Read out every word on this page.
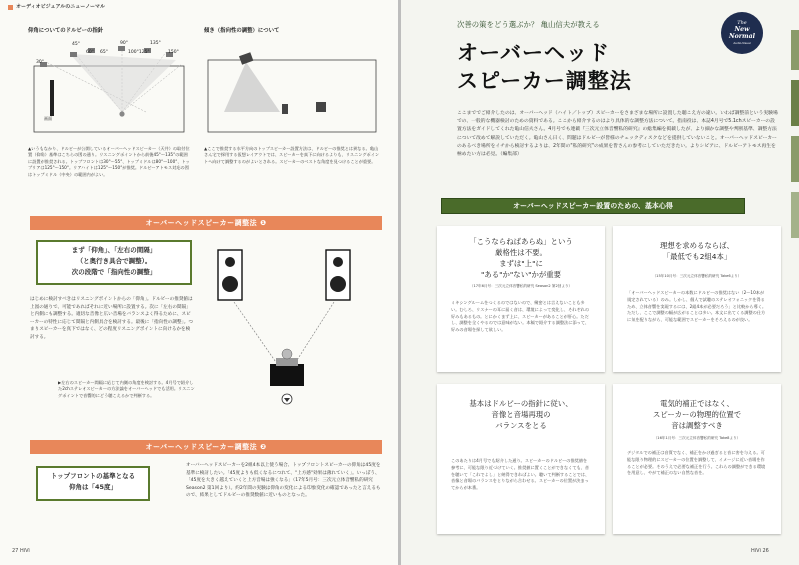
オーディオビジュアルのニューノーマル
仰角についてのドルビーの指針
45°
60° 65°
90°
100°125°
135°
150°
30°
画面
傾き（指向性の調整）について
▲いうもなかり、ドルビーが公開しているオーバーヘッドスピーカー（天井）の取付位置（仰角）基準はこちらの図の通り。リスニングポイントから前後45°〜135°の範囲に設置が推奨される。トップフロントは30°〜55°、トップミドルは80°〜100°、トップリアは125°〜150°。リアハイトは125°〜150°が推奨。ドルビーアトモス対応の図はトップミドル（中央）の範囲内がよい。
▲ここで推奨する水平方向のトップスピーカー設置方法は、ドルビーの推奨とは異なる。亀山さん宅で採用する仮想レイアウトでは、スピーカーを真下に向けるよりも、リスニングポイントへ向けて調整するのがよいとされる。スピーカーのベストな角度を見つけることが重要。
オーバーヘッドスピーカー調整法 ❶
まず「仰角」、「左右の間隔」
（と奥行き具合で調整）。
次の段階で「指向性の調整」
はじめに検討すべきはリスニングポイントからの「仰角」。ドルビーの推奨値は上図の通りで、可能であればそれに近い場所に設置する。次に「左右の間隔」と内側にも調整する。適切な音像と広い音場をバランスよく得るために、スピーカーの特性に応じて間隔と内側具合を検討する。最後に「指向性の調整」。つまりスピーカーを真下ではなく、どの程度リスニングポイントに向けるかを検討する。
▶左右のスピーカー間隔に応じて内側の角度を検討する。4月号で紹介した2chステレオスピーカーの方法論をオーバーヘッドでも活用。リスニングポイントで音響的にどう聴こえるかで判断する。
オーバーヘッドスピーカー調整法 ❷
トップフロントの基準となる
仰角は「45度」
オーバーヘッドスピーカーを2組4本以上使う場合、トップフロントスピーカーの仰角は45度を基準に検討したい。「45度よりも低くなるにつれて、"上方感"効果は薄れていく」。いっぽう、「45度を大きく越えていくと上方音場は強くなる」（17年5月号：三次元立体音響私的研究 Season2 第1回より）。約2年間の実験は仰角の変化による印象変化の確認であったと言えるもので、結果としてドルビーの推奨数値に近いものとなった。
27 HiVi
The
New Normal
Audio-Visual
次善の策をどう選ぶか？ 亀山信夫が教える
オーバーヘッド
スピーカー調整法
ここまででご紹介したのは、オーバーヘッド（ハイト／トップ）スピーカーをさまざまな場所に設置した聴こえ方の違い。いわば調整前という実験場での、一般的な機器検討のための資料である。ここから紹介するのはより具体的な調整方法について。指南役は、本誌4月号で5.1chスピーカーの設置方法をガイドしてくれた亀山信夫さん。4月号でも連載『三次元立体音響私的研究』の総集編を掲載したが、より細かな調整や判断基準、調整方法について改めて解説していただく。亀山さん曰く、問題はドルビーが皆様のチェックディスクなどを提供していないこと。オーバーヘッドスピーカーのあるべき場所をイチから検討するよりは、2年間の"私的研究"の成果を皆さんの参考にしていただきたい。よりシビアに、ドルビーアトモス再生を極めたい方は必見。（編集部）
オーバーヘッドスピーカー設置のための、基本心得
「こうならねばあらぬ」という
厳格性は不要。
まずは"上"に
"ある"か"ない"かが重要
（17年6月号：三次元立体音響私的研究 Season2 第2回より）
ミキシングルームをつくるのではないので、緻密とは言えないことも多い。むしろ、リスナーの耳に届く音は、環境によって変化し、それぞれの好みもあるもの。とにかくまず上に、スピーカーがあることが肝心。ただし、調整を全くやるのでは意味がない。本稿で紹介する調整法に添って、好みの音場を探して欲しい。
理想を求めるならば、
「最低でも2組4本」
（15年10月号：三次元立体音響私的研究 Take6より）
「オーバーヘッドスピーカーの本数にドルビーの推奨はない（2〜10本が規定されている）のみ。しかし、個人で試聴のステレオフォニックを得るため、立体音響を実現するには、2組4本が必要だろう」と比較から導く。ただし、ここで調整の幅が広がることは多い。本文に出てくる調整の仕方に気を配りながら、可能な範囲でスピーカーをそろえるのが良い。
基本はドルビーの指針に従い、
音像と音場再現の
バランスをとる
このあたりは4月号でも紹介した通り。スピーカーのドルビーの推奨値を参考に、可能な限り近づけていく。推奨値に置くことができなくても、音を聴いて「これでよし」と納得できればよい。聴いて判断することでは、音像と音場のバランスをとりながら合わせる。スピーカーの位置が決まってからが本番。
電気的補正ではなく、
スピーカーの物理的位置で
音は調整すべき
（16年1月号：三次元立体音響私的研究 Take8より）
デジタルでの補正は音質でなく、補正をかけ過ぎると音に害を与える。可能な限り物理的にスピーカーの位置を調整して、イメージに近い音場を作ることが必要。そのうえで必要な補正を行う。これらの調整ができる環境を用意し、やがて補正のない自然な音を。
HiVi 26
